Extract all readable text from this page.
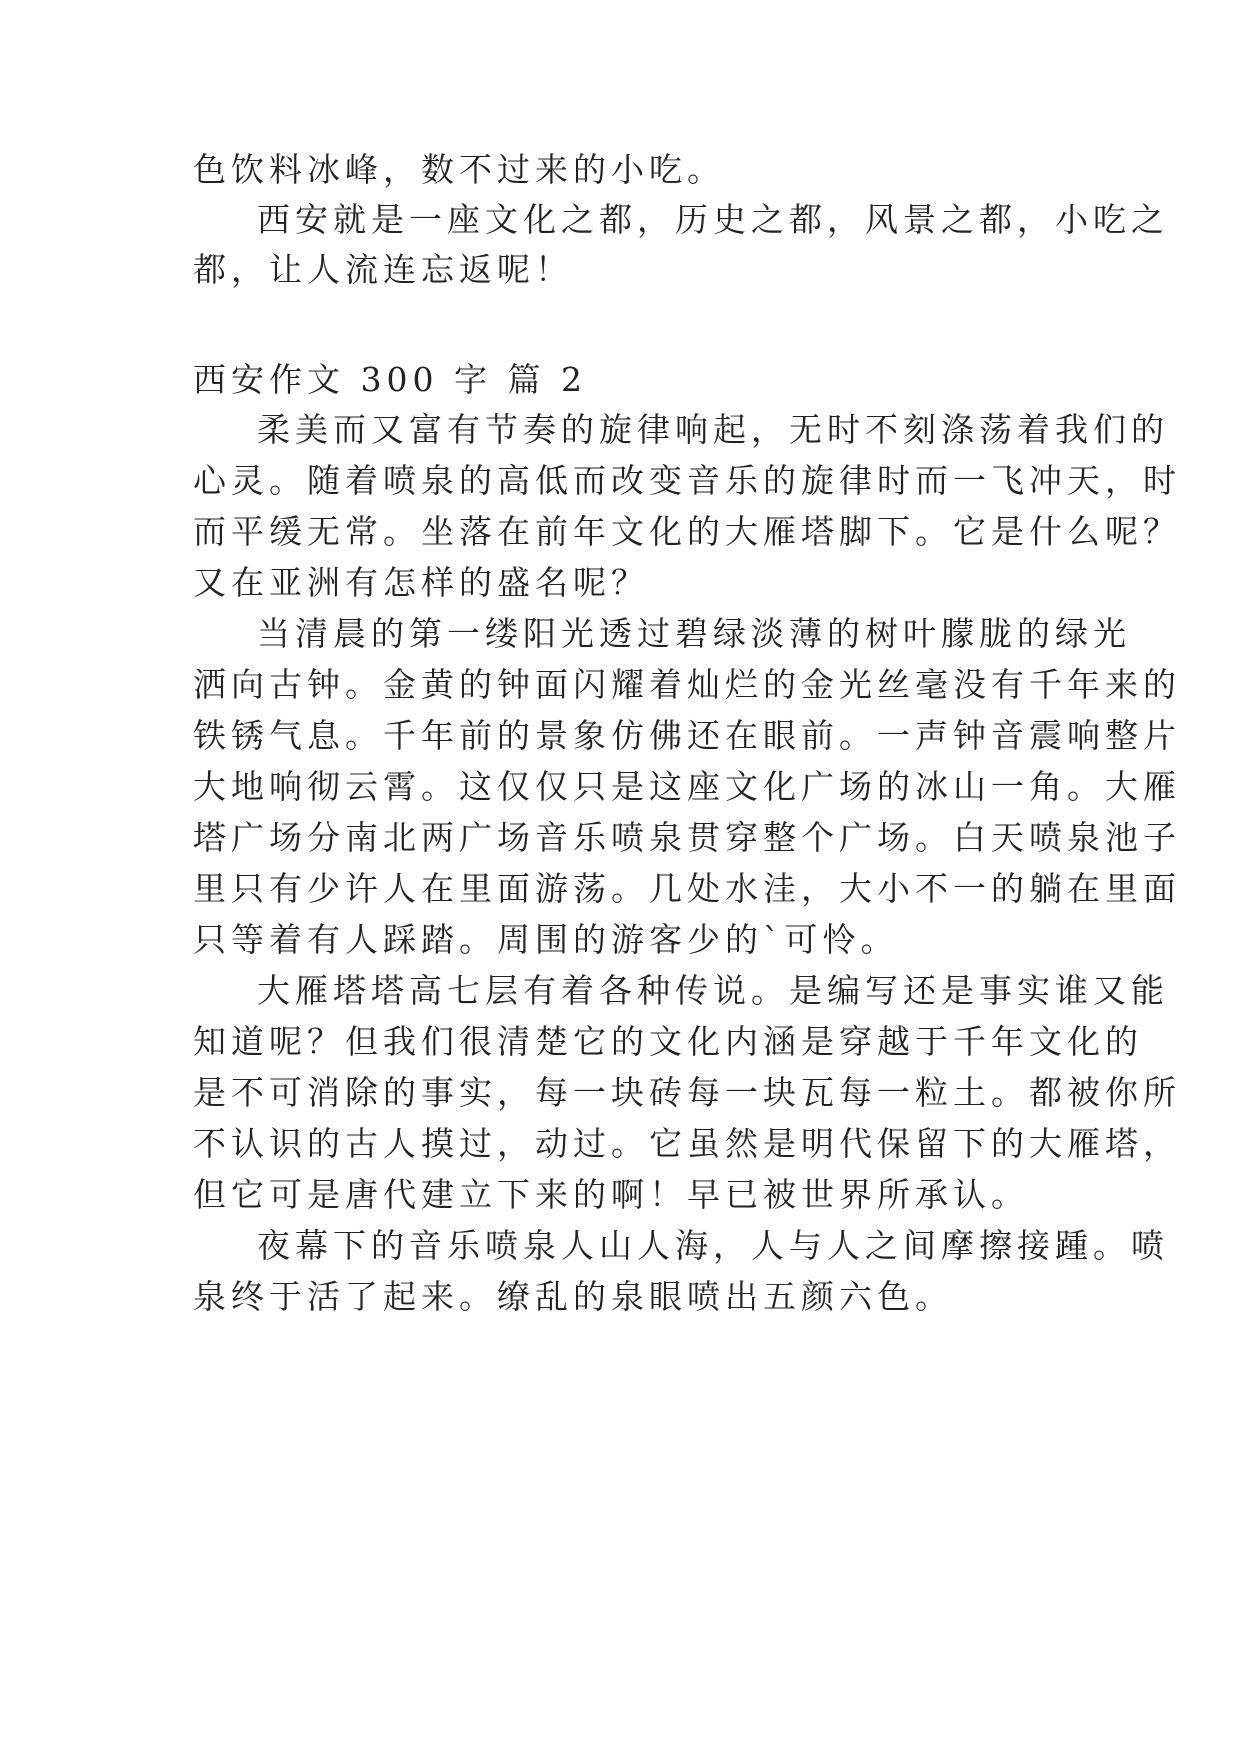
色饮料冰峰，数不过来的小吃。
西安就是一座文化之都，历史之都，风景之都，小吃之
都，让人流连忘返呢！
西安作文 300 字 篇 2
柔美而又富有节奏的旋律响起，无时不刻涤荡着我们的
心灵。随着喷泉的高低而改变音乐的旋律时而一飞冲天，时
而平缓无常。坐落在前年文化的大雁塔脚下。它是什么呢？
又在亚洲有怎样的盛名呢？
当清晨的第一缕阳光透过碧绿淡薄的树叶朦胧的绿光
洒向古钟。金黄的钟面闪耀着灿烂的金光丝毫没有千年来的
铁锈气息。千年前的景象仿佛还在眼前。一声钟音震响整片
大地响彻云霄。这仅仅只是这座文化广场的冰山一角。大雁
塔广场分南北两广场音乐喷泉贯穿整个广场。白天喷泉池子
里只有少许人在里面游荡。几处水洼，大小不一的躺在里面
只等着有人踩踏。周围的游客少的`可怜。
大雁塔塔高七层有着各种传说。是编写还是事实谁又能
知道呢？但我们很清楚它的文化内涵是穿越于千年文化的
是不可消除的事实，每一块砖每一块瓦每一粒土。都被你所
不认识的古人摸过，动过。它虽然是明代保留下的大雁塔，
但它可是唐代建立下来的啊！早已被世界所承认。
夜幕下的音乐喷泉人山人海，人与人之间摩擦接踵。喷
泉终于活了起来。缭乱的泉眼喷出五颜六色。
